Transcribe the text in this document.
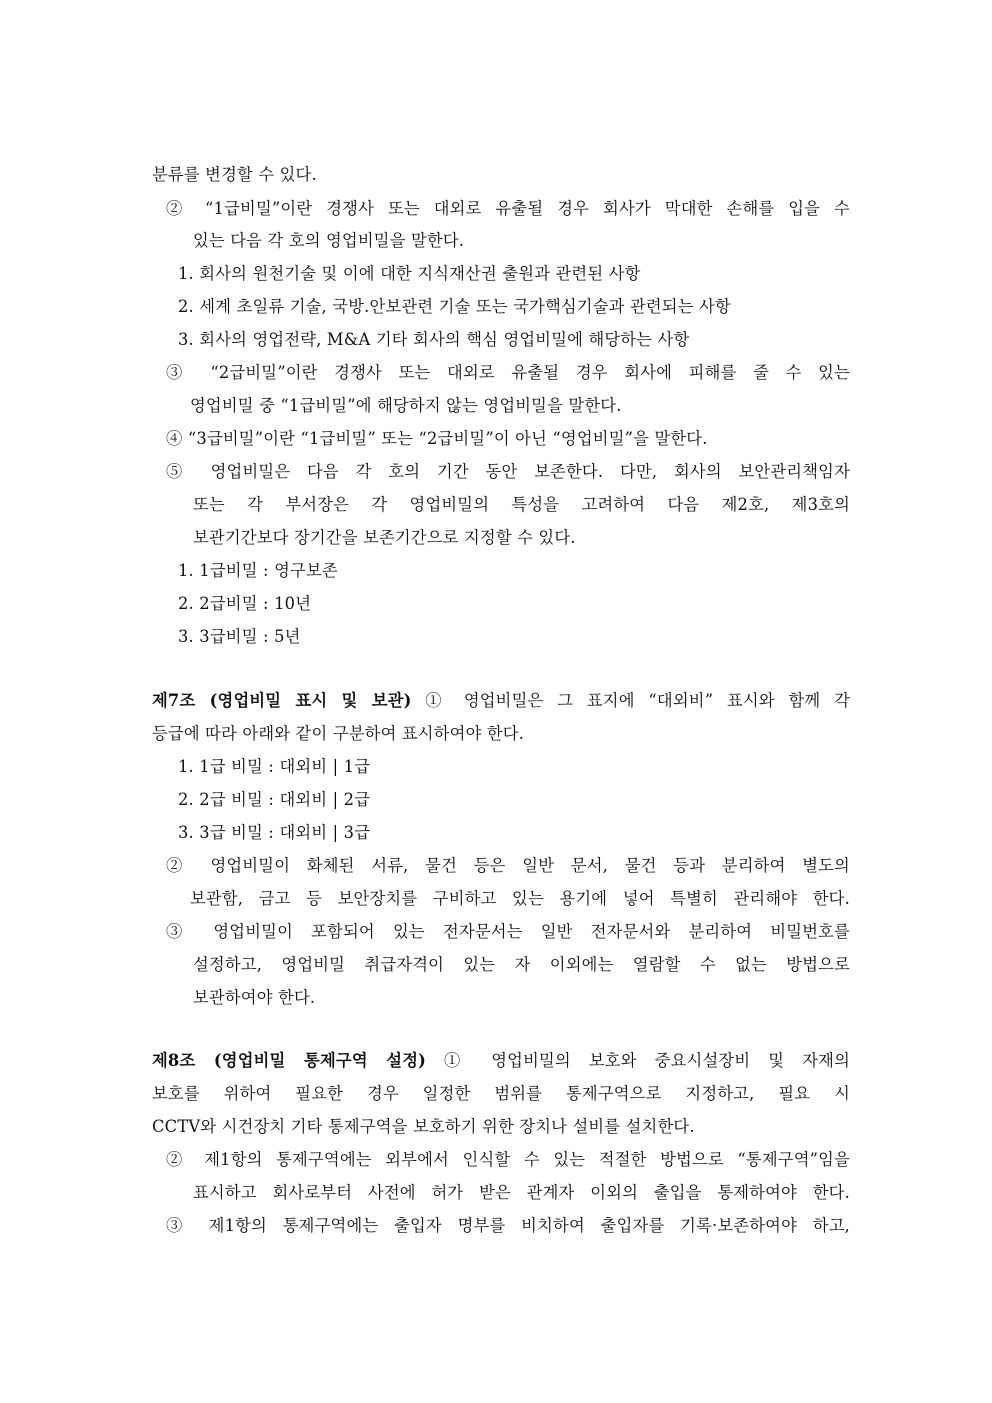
분류를 변경할 수 있다.
② “1급비밀”이란 경쟁사 또는 대외로 유출될 경우 회사가 막대한 손해를 입을 수
있는 다음 각 호의 영업비밀을 말한다.
1. 회사의 원천기술 및 이에 대한 지식재산권 출원과 관련된 사항
2. 세계 초일류 기술, 국방.안보관련 기술 또는 국가핵심기술과 관련되는 사항
3. 회사의 영업전략, M&A 기타 회사의 핵심 영업비밀에 해당하는 사항
③ “2급비밀”이란 경쟁사 또는 대외로 유출될 경우 회사에 피해를 줄 수 있는
영업비밀 중 “1급비밀”에 해당하지 않는 영업비밀을 말한다.
④ “3급비밀”이란 “1급비밀” 또는 “2급비밀”이 아닌 “영업비밀”을 말한다.
⑤ 영업비밀은 다음 각 호의 기간 동안 보존한다. 다만, 회사의 보안관리책임자
또는 각 부서장은 각 영업비밀의 특성을 고려하여 다음 제2호, 제3호의
보관기간보다 장기간을 보존기간으로 지정할 수 있다.
1. 1급비밀 : 영구보존
2. 2급비밀 : 10년
3. 3급비밀 : 5년
제7조 (영업비밀 표시 및 보관) ① 영업비밀은 그 표지에 “대외비” 표시와 함께 각
등급에 따라 아래와 같이 구분하여 표시하여야 한다.
1. 1급 비밀 : 대외비 | 1급
2. 2급 비밀 : 대외비 | 2급
3. 3급 비밀 : 대외비 | 3급
② 영업비밀이 화체된 서류, 물건 등은 일반 문서, 물건 등과 분리하여 별도의
보관함, 금고 등 보안장치를 구비하고 있는 용기에 넣어 특별히 관리해야 한다.
③ 영업비밀이 포함되어 있는 전자문서는 일반 전자문서와 분리하여 비밀번호를
설정하고, 영업비밀 취급자격이 있는 자 이외에는 열람할 수 없는 방법으로
보관하여야 한다.
제8조 (영업비밀 통제구역 설정) ① 영업비밀의 보호와 중요시설장비 및 자재의
보호를 위하여 필요한 경우 일정한 범위를 통제구역으로 지정하고, 필요 시
CCTV와 시건장치 기타 통제구역을 보호하기 위한 장치나 설비를 설치한다.
② 제1항의 통제구역에는 외부에서 인식할 수 있는 적절한 방법으로 “통제구역”임을
표시하고 회사로부터 사전에 허가 받은 관계자 이외의 출입을 통제하여야 한다.
③ 제1항의 통제구역에는 출입자 명부를 비치하여 출입자를 기록·보존하여야 하고,
